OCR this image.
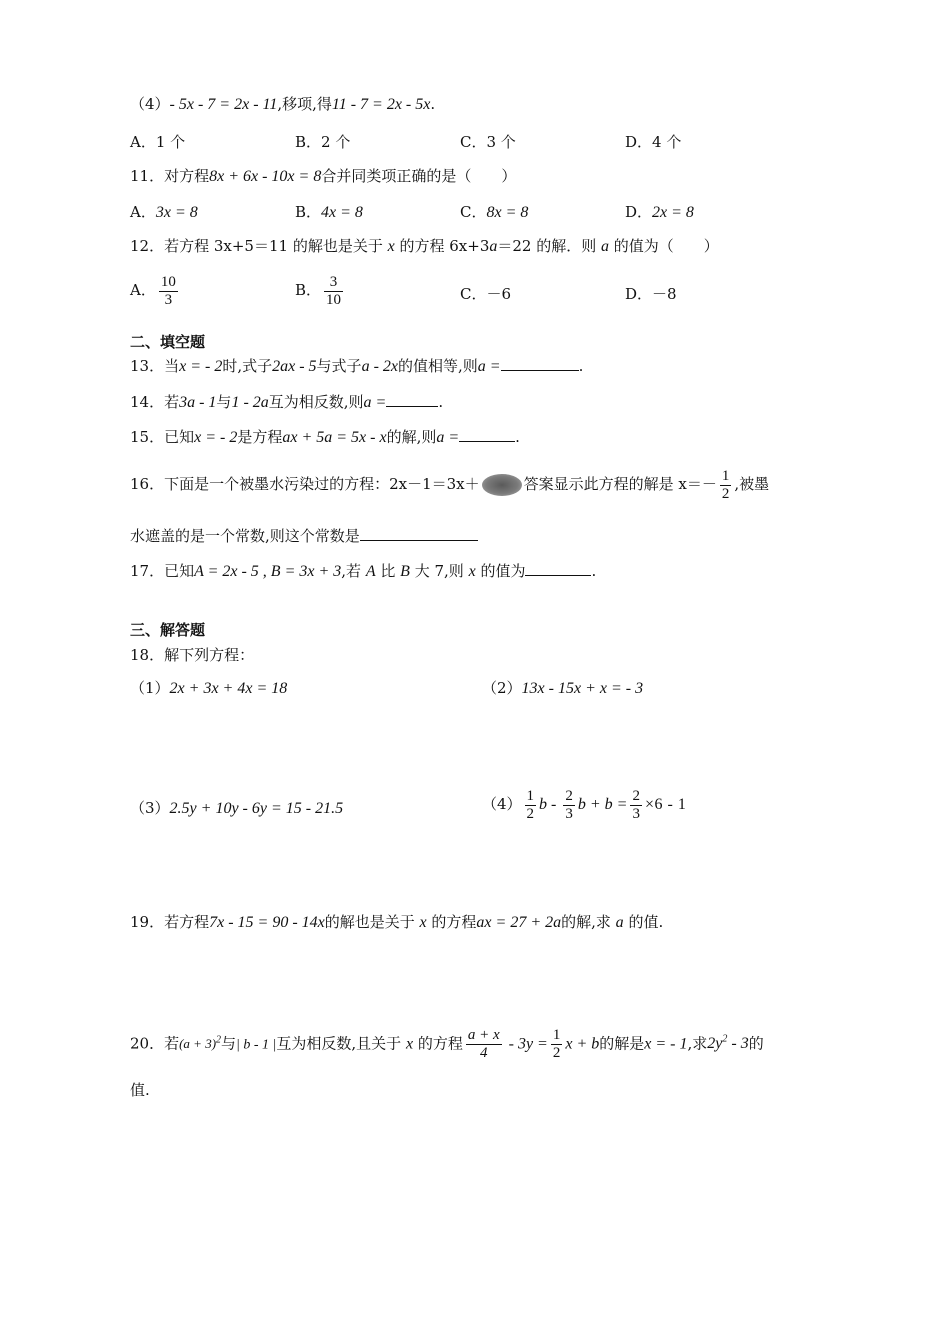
（4）- 5x - 7 = 2x - 11,移项,得11 - 7 = 2x - 5x.
A．1 个	B．2 个	C．3 个	D．4 个
11．对方程8x + 6x - 10x = 8合并同类项正确的是（　　）
A．3x = 8	B．4x = 8	C．8x = 8	D．2x = 8
12．若方程 3x+5＝11 的解也是关于 x 的方程 6x+3a＝22 的解．则 a 的值为（　　）
A． $\frac{10}{3}$	B． $\frac{3}{10}$	C．－6	D．－8
二、填空题
13．当x = - 2时,式子2ax - 5与式子a - 2x的值相等,则a =	.
14．若3a - 1与1 - 2a互为相反数,则a =	.
15．已知x = - 2是方程ax + 5a = 5x - x的解,则a =	.
16．下面是一个被墨水污染过的方程：2x－1＝3x＋	答案显示此方程的解是 $x=- \frac{1}{2}$ ,被墨
水遮盖的是一个常数,则这个常数是
17．已知A = 2x - 5 , B = 3x + 3,若 A 比 B 大 7,则 x 的值为	.
三、解答题
18．解下列方程：
（1）2x + 3x + 4x = 18	（2）13x - 15x + x = - 3
（3）2.5y + 10y - 6y = 15 - 21.5	$(4) \frac{1}{2}$ b - $\frac{2}{3}$ $b + b = \frac{2}{3} \times 6 - 1$
19．若方程7x - 15 = 90 - 14x的解也是关于 x 的方程ax = 27 + 2a的解,求 a 的值.
20．若$(a + 3)^2$与| b - 1 |互为相反数,且关于 x 的方程 $\frac{a + x}{4} - 3y = \frac{1}{2}$ x + b的解是x = - 1,求$2y^2 - 3$的
值.
